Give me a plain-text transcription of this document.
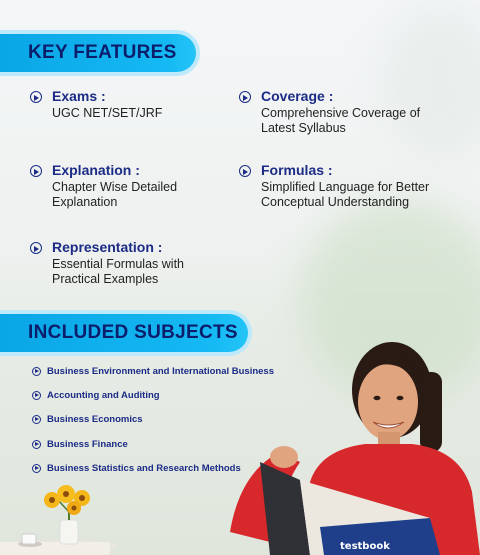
KEY FEATURES
Exams :
UGC NET/SET/JRF
Coverage :
Comprehensive Coverage of Latest Syllabus
Explanation :
Chapter Wise Detailed Explanation
Formulas :
Simplified Language for Better Conceptual Understanding
Representation :
Essential Formulas with Practical Examples
INCLUDED SUBJECTS
Business Environment and International Business
Accounting and Auditing
Business Economics
Business Finance
Business Statistics and Research Methods
testbook
